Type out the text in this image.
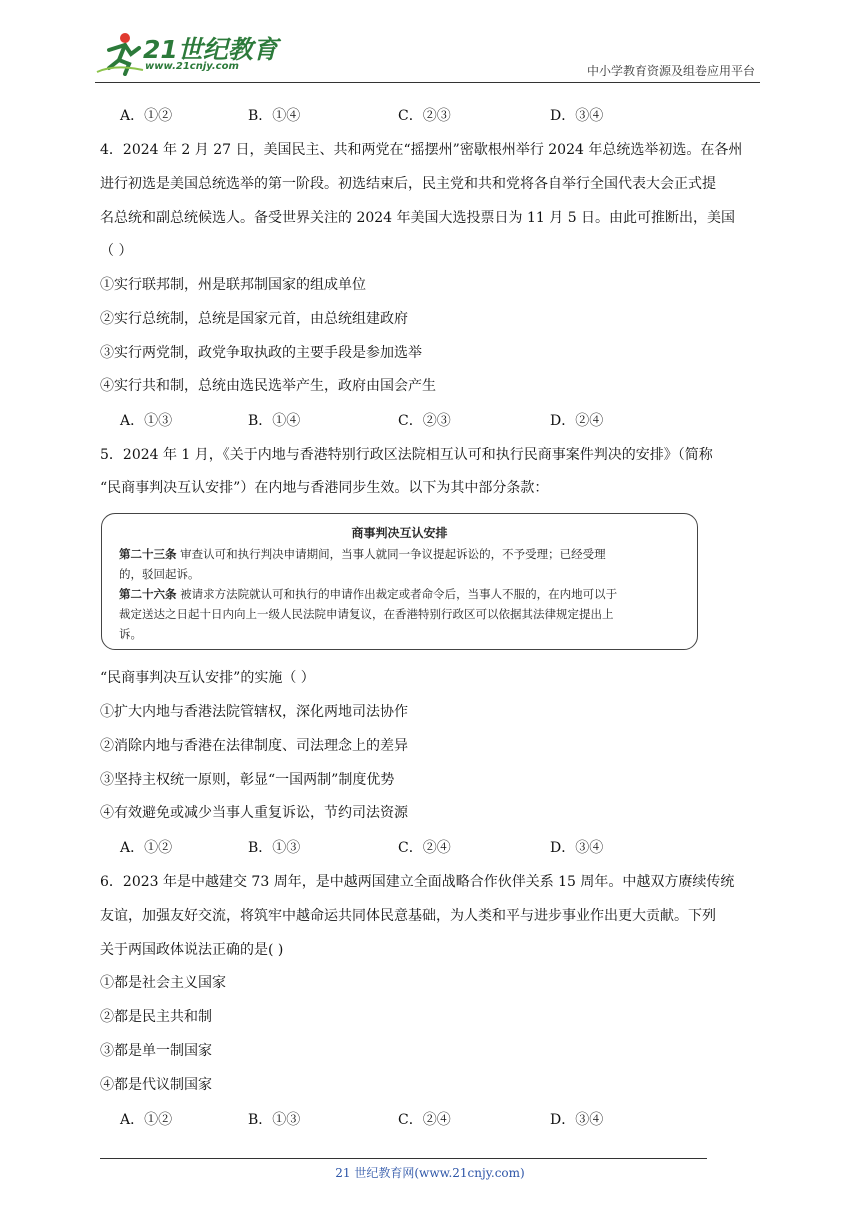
21世纪教育
www.21cnjy.com	中小学教育资源及组卷应用平台
A．①②	B．①④	C．②③	D．③④
4．2024 年 2 月 27 日，美国民主、共和两党在“摇摆州”密歇根州举行 2024 年总统选举初选。在各州
进行初选是美国总统选举的第一阶段。初选结束后，民主党和共和党将各自举行全国代表大会正式提
名总统和副总统候选人。备受世界关注的 2024 年美国大选投票日为 11 月 5 日。由此可推断出，美国
（ ）
①实行联邦制，州是联邦制国家的组成单位
②实行总统制，总统是国家元首，由总统组建政府
③实行两党制，政党争取执政的主要手段是参加选举
④实行共和制，总统由选民选举产生，政府由国会产生
A．①③	B．①④	C．②③	D．②④
5．2024 年 1 月，《关于内地与香港特别行政区法院相互认可和执行民商事案件判决的安排》（简称
“民商事判决互认安排”）在内地与香港同步生效。以下为其中部分条款：
商事判决互认安排
第二十三条 审查认可和执行判决申请期间，当事人就同一争议提起诉讼的，不予受理；已经受理
的，驳回起诉。
第二十六条 被请求方法院就认可和执行的申请作出裁定或者命令后，当事人不服的，在内地可以于
裁定送达之日起十日内向上一级人民法院申请复议，在香港特别行政区可以依据其法律规定提出上
诉。
“民商事判决互认安排”的实施（ ）
①扩大内地与香港法院管辖权，深化两地司法协作
②消除内地与香港在法律制度、司法理念上的差异
③坚持主权统一原则，彰显“一国两制”制度优势
④有效避免或减少当事人重复诉讼，节约司法资源
A．①②	B．①③	C．②④	D．③④
6．2023 年是中越建交 73 周年，是中越两国建立全面战略合作伙伴关系 15 周年。中越双方赓续传统
友谊，加强友好交流，将筑牢中越命运共同体民意基础，为人类和平与进步事业作出更大贡献。下列
关于两国政体说法正确的是( )
①都是社会主义国家
②都是民主共和制
③都是单一制国家
④都是代议制国家
A．①②	B．①③	C．②④	D．③④
21 世纪教育网(www.21cnjy.com)
